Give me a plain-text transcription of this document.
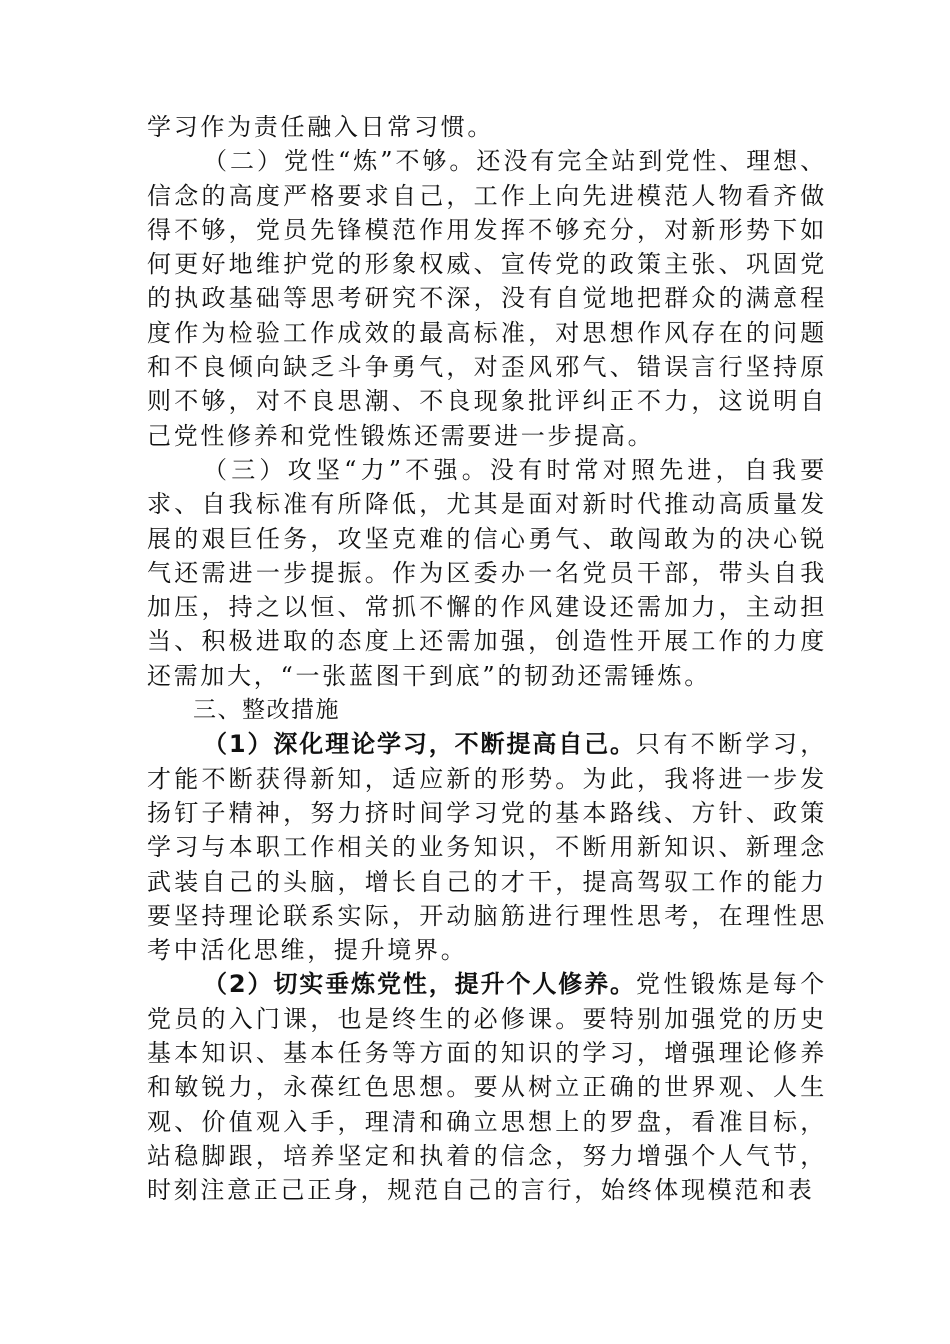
学习作为责任融入日常习惯。

（二）党性“炼”不够。还没有完全站到党性、理想、信念的高度严格要求自己，工作上向先进模范人物看齐做得不够，党员先锋模范作用发挥不够充分，对新形势下如何更好地维护党的形象权威、宣传党的政策主张、巩固党的执政基础等思考研究不深，没有自觉地把群众的满意程度作为检验工作成效的最高标准，对思想作风存在的问题和不良倾向缺乏斗争勇气，对歪风邪气、错误言行坚持原则不够，对不良思潮、不良现象批评纠正不力，这说明自己党性修养和党性锻炼还需要进一步提高。

（三）攻坚“力”不强。没有时常对照先进，自我要求、自我标准有所降低，尤其是面对新时代推动高质量发展的艰巨任务，攻坚克难的信心勇气、敢闯敢为的决心锐气还需进一步提振。作为区委办一名党员干部，带头自我加压，持之以恒、常抓不懈的作风建设还需加力，主动担当、积极进取的态度上还需加强，创造性开展工作的力度还需加大，“一张蓝图干到底”的韧劲还需锤炼。

三、整改措施

（1）深化理论学习，不断提高自己。只有不断学习，才能不断获得新知，适应新的形势。为此，我将进一步发扬钉子精神，努力挤时间学习党的基本路线、方针、政策学习与本职工作相关的业务知识，不断用新知识、新理念武装自己的头脑，增长自己的才干，提高驾驭工作的能力要坚持理论联系实际，开动脑筋进行理性思考，在理性思考中活化思维，提升境界。

（2）切实垂炼党性，提升个人修养。党性锻炼是每个党员的入门课，也是终生的必修课。要特别加强党的历史基本知识、基本任务等方面的知识的学习，增强理论修养和敏锐力，永葆红色思想。要从树立正确的世界观、人生观、价值观入手，理清和确立思想上的罗盘，看准目标，站稳脚跟，培养坚定和执着的信念，努力增强个人气节，时刻注意正己正身，规范自己的言行，始终体现模范和表
